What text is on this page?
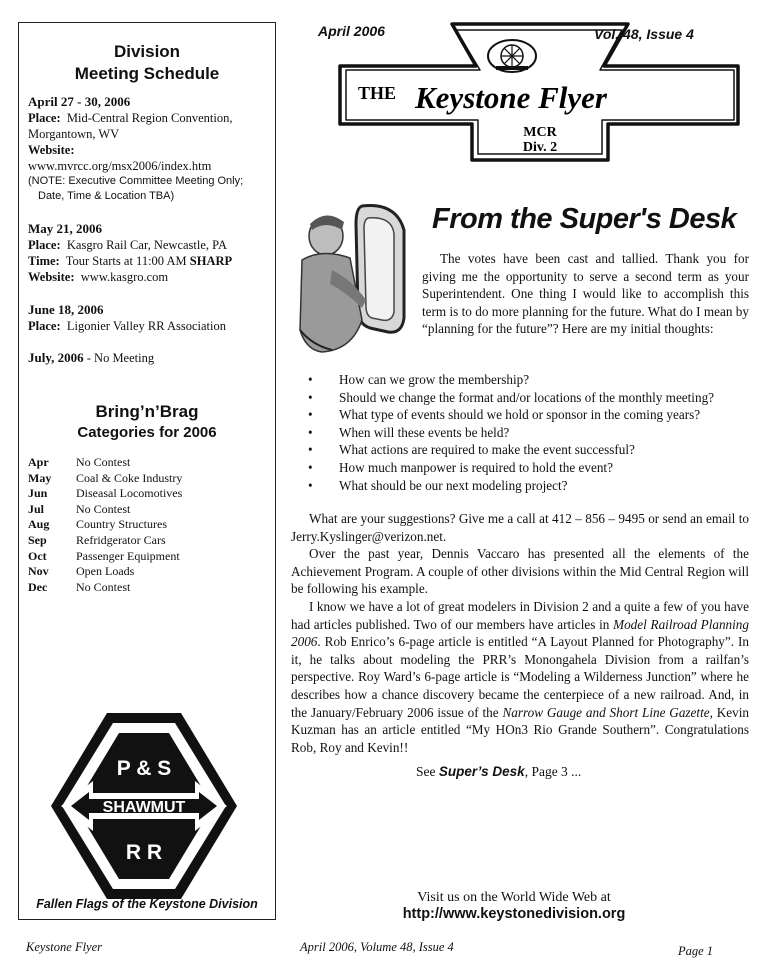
Division
Meeting Schedule
April 27 - 30, 2006
Place: Mid-Central Region Convention,
Morgantown, WV
Website:
www.mvrcc.org/msx2006/index.htm
(NOTE: Executive Committee Meeting Only;
Date, Time & Location TBA)
May 21, 2006
Place: Kasgro Rail Car, Newcastle, PA
Time: Tour Starts at 11:00 AM SHARP
Website: www.kasgro.com
June 18, 2006
Place: Ligonier Valley RR Association
July, 2006 - No Meeting
Bring’n’Brag
Categories for 2006
Apr	No Contest
May	Coal & Coke Industry
Jun	Diseasal Locomotives
Jul	No Contest
Aug	Country Structures
Sep	Refridgerator Cars
Oct	Passenger Equipment
Nov	Open Loads
Dec	No Contest
P & S
SHAWMUT
R R
Fallen Flags of the Keystone Division
April 2006	Vol. 48, Issue 4
THE Keystone Flyer
MCR
Div. 2
From the Super's Desk

The votes have been cast and tallied. Thank you for giving me the opportunity to serve a second term as your Superintendent. One thing I would like to accomplish this term is to do more planning for the future. What do I mean by “planning for the future”? Here are my initial thoughts:

•	How can we grow the membership?
•	Should we change the format and/or locations of the monthly meeting?
•	What type of events should we hold or sponsor in the coming years?
•	When will these events be held?
•	What actions are required to make the event successful?
•	How much manpower is required to hold the event?
•	What should be our next modeling project?

What are your suggestions? Give me a call at 412 – 856 – 9495 or send an email to Jerry.Kyslinger@verizon.net.

Over the past year, Dennis Vaccaro has presented all the elements of the Achievement Program. A couple of other divisions within the Mid Central Region will be following his example.

I know we have a lot of great modelers in Division 2 and a quite a few of you have had articles published. Two of our members have articles in Model Railroad Planning 2006. Rob Enrico’s 6-page article is entitled “A Layout Planned for Photography”. In it, he talks about modeling the PRR’s Monongahela Division from a railfan’s perspective. Roy Ward’s 6-page article is “Modeling a Wilderness Junction” where he describes how a chance discovery became the centerpiece of a new railroad. And, in the January/February 2006 issue of the Narrow Gauge and Short Line Gazette, Kevin Kuzman has an article entitled “My HOn3 Rio Grande Southern”. Congratulations Rob, Roy and Kevin!!

See Super’s Desk, Page 3 ...
Visit us on the World Wide Web at
http://www.keystonedivision.org
Keystone Flyer	April 2006, Volume 48, Issue 4	Page 1
